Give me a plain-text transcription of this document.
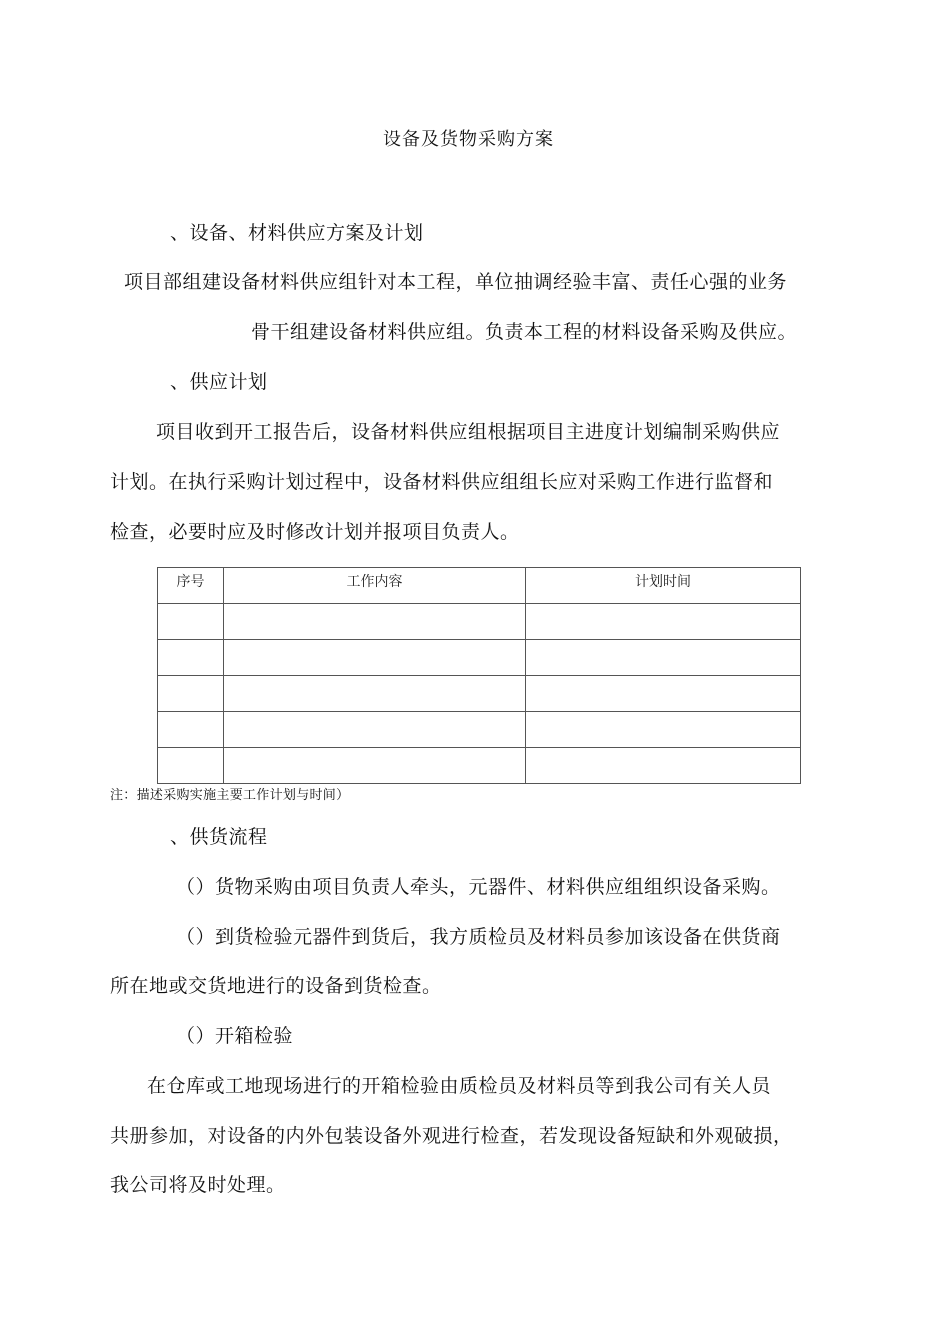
设备及货物采购方案
、设备、材料供应方案及计划
项目部组建设备材料供应组针对本工程，单位抽调经验丰富、责任心强的业务
骨干组建设备材料供应组。负责本工程的材料设备采购及供应。
、供应计划
项目收到开工报告后，设备材料供应组根据项目主进度计划编制采购供应
计划。在执行采购计划过程中，设备材料供应组组长应对采购工作进行监督和
检查，必要时应及时修改计划并报项目负责人。
序号	工作内容	计划时间

注：描述采购实施主要工作计划与时间）
、供货流程
（）货物采购由项目负责人牵头，元器件、材料供应组组织设备采购。
（）到货检验元器件到货后，我方质检员及材料员参加该设备在供货商
所在地或交货地进行的设备到货检查。
（）开箱检验
在仓库或工地现场进行的开箱检验由质检员及材料员等到我公司有关人员
共册参加，对设备的内外包装设备外观进行检查，若发现设备短缺和外观破损，
我公司将及时处理。
